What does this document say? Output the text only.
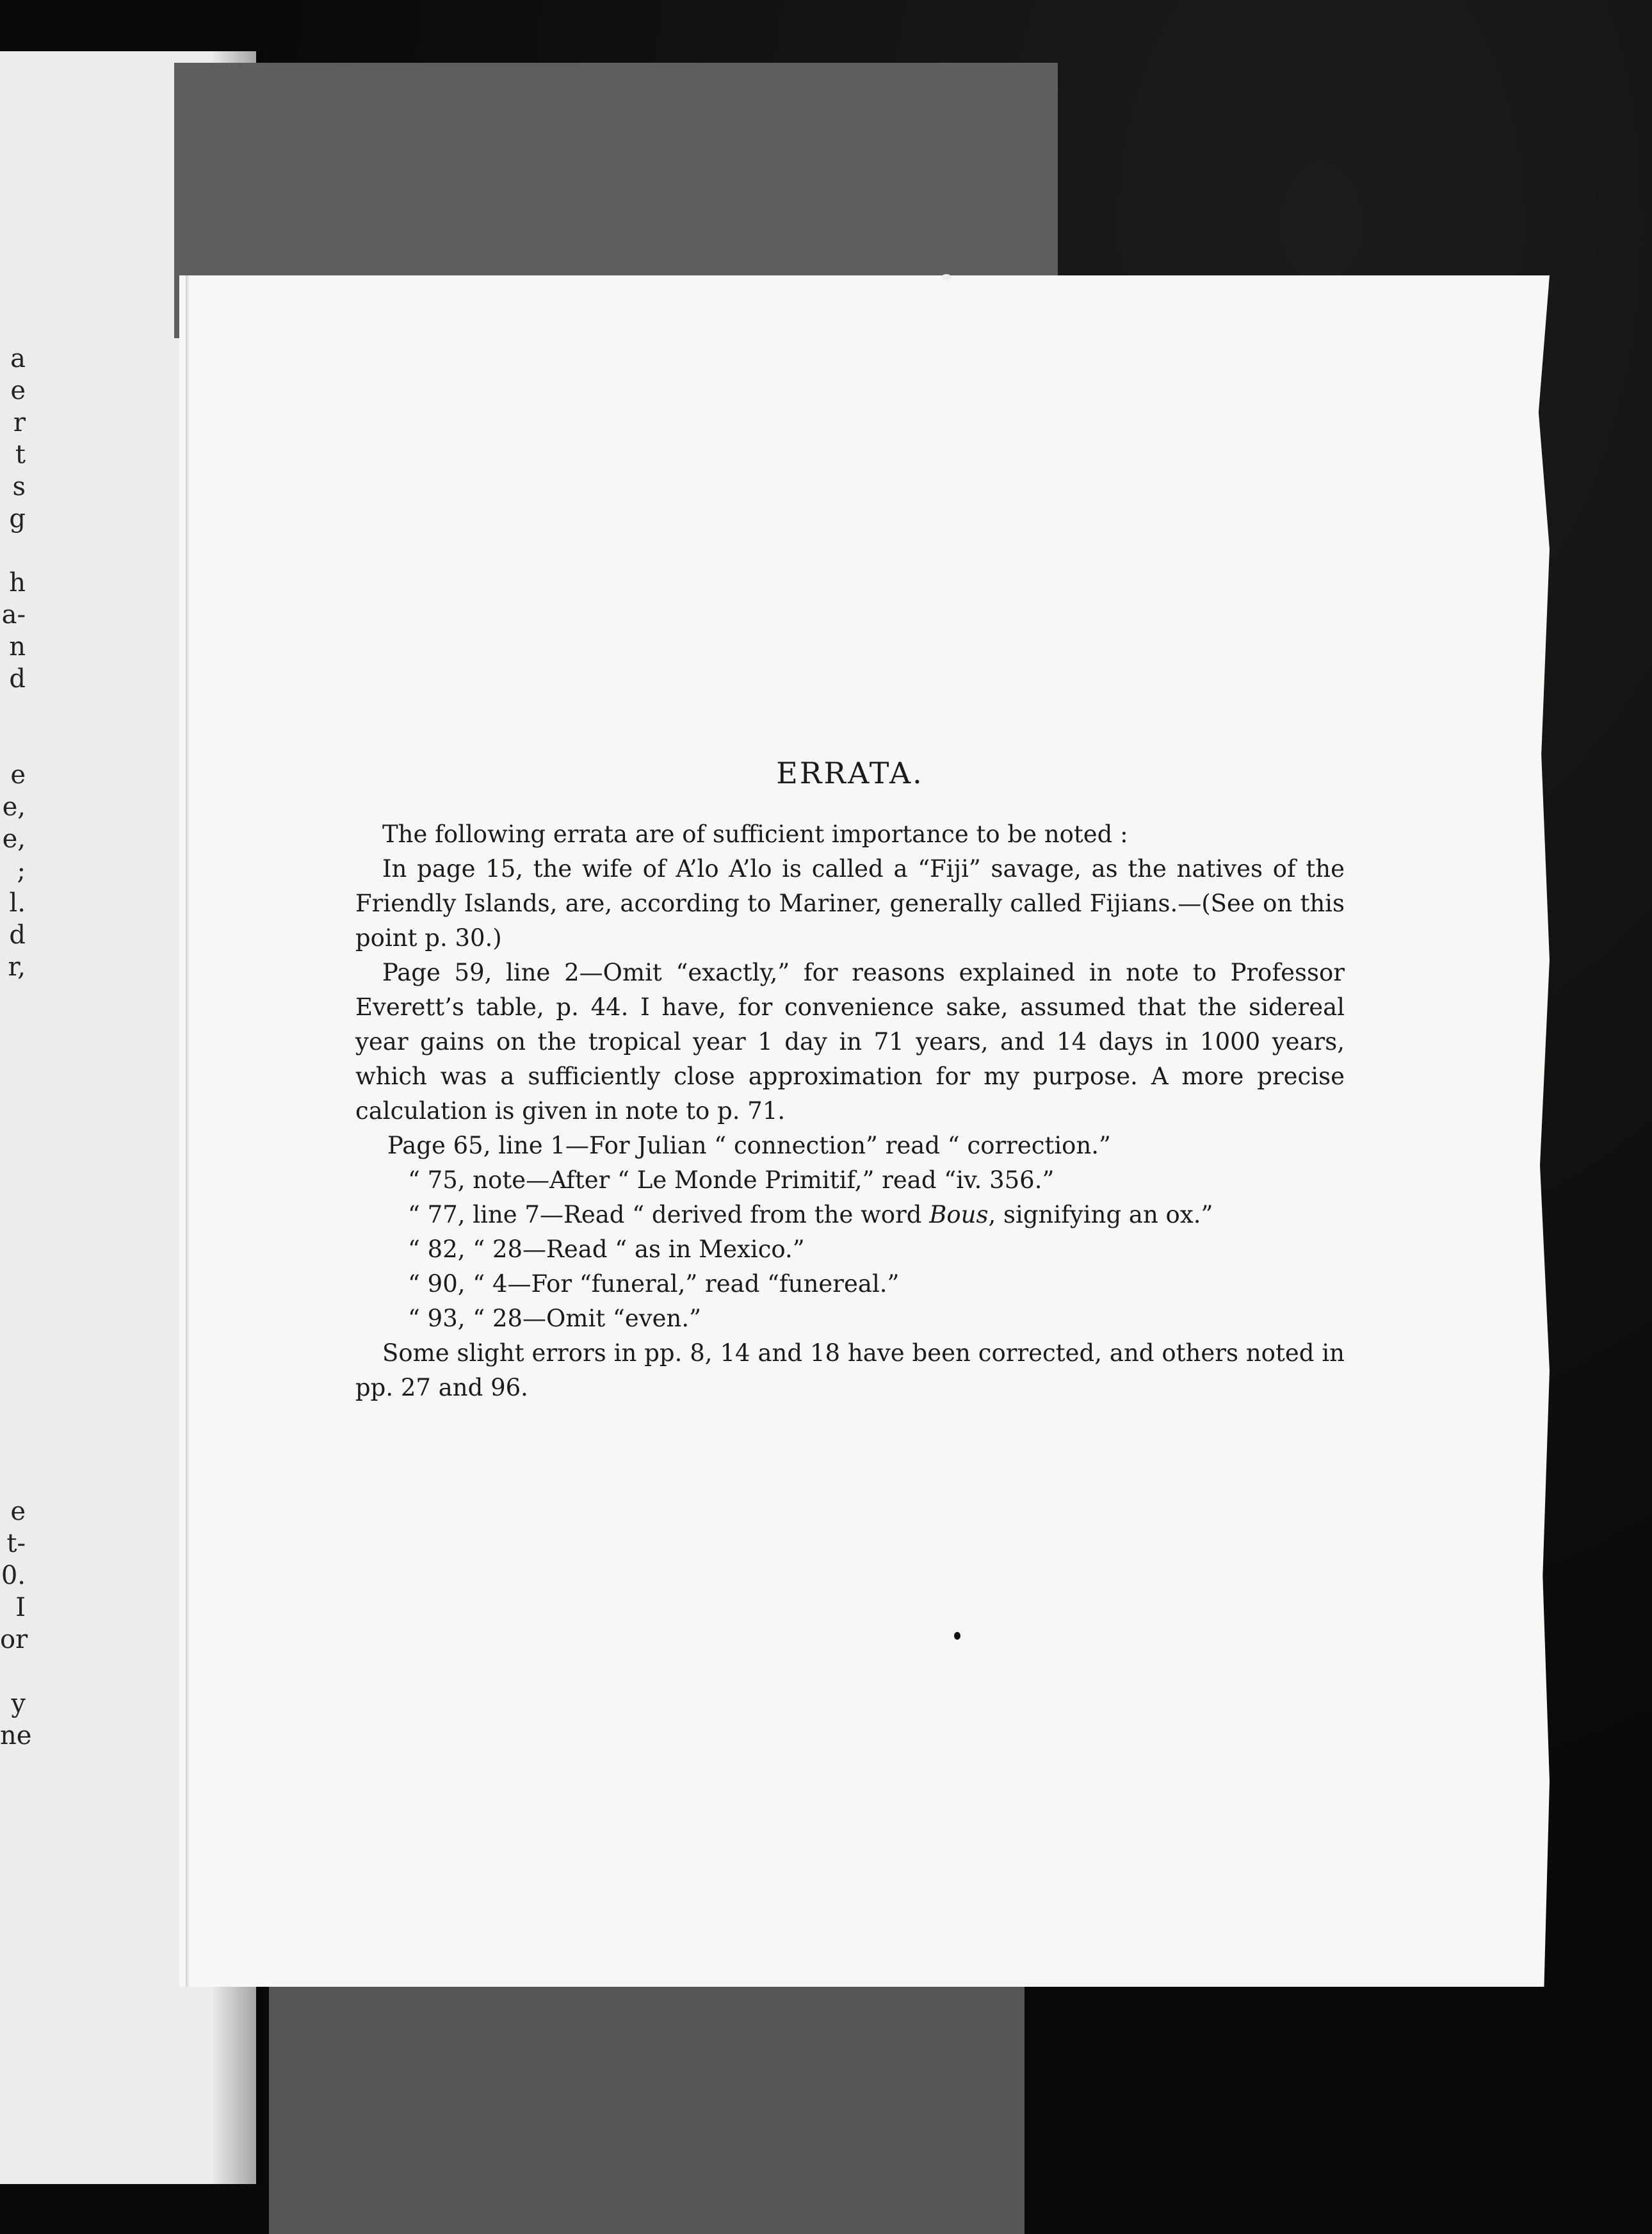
a
e
r
t
s
g
h
a-
n
d
e
e,
e,
;
l.
d
r,
e
t-
0.
I
or
y
ne
ERRATA.

The following errata are of sufficient importance to be noted :

In page 15, the wife of A’lo A’lo is called a “Fiji” savage, as the natives of the Friendly Islands, are, according to Mariner, generally called Fijians.—(See on this point p. 30.)

Page 59, line 2—Omit “exactly,” for reasons explained in note to Professor Everett’s table, p. 44. I have, for convenience sake, assumed that the sidereal year gains on the tropical year 1 day in 71 years, and 14 days in 1000 years, which was a sufficiently close approximation for my purpose. A more precise calculation is given in note to p. 71.

Page 65, line 1—For Julian “ connection” read “ correction.”
“ 75, note—After “ Le Monde Primitif,” read “iv. 356.”
“ 77, line 7—Read “ derived from the word Bous, signifying an ox.”
“ 82, “ 28—Read “ as in Mexico.”
“ 90, “ 4—For “funeral,” read “funereal.”
“ 93, “ 28—Omit “even.”

Some slight errors in pp. 8, 14 and 18 have been corrected, and others noted in pp. 27 and 96.
